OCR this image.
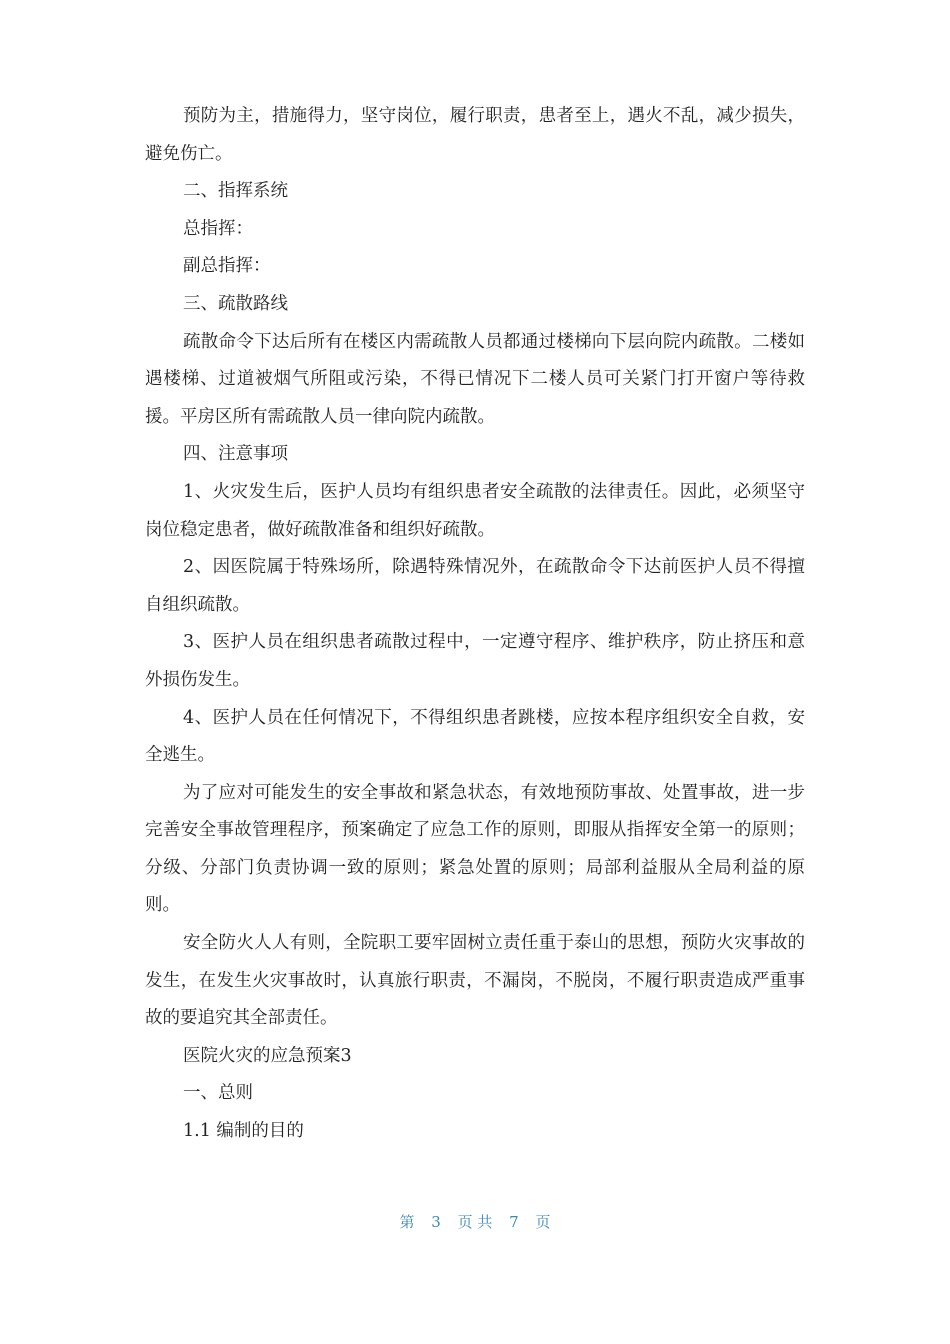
预防为主，措施得力，坚守岗位，履行职责，患者至上，遇火不乱，减少损失，避免伤亡。

二、指挥系统

总指挥：

副总指挥：

三、疏散路线

疏散命令下达后所有在楼区内需疏散人员都通过楼梯向下层向院内疏散。二楼如遇楼梯、过道被烟气所阻或污染，不得已情况下二楼人员可关紧门打开窗户等待救援。平房区所有需疏散人员一律向院内疏散。

四、注意事项

1、火灾发生后，医护人员均有组织患者安全疏散的法律责任。因此，必须坚守岗位稳定患者，做好疏散准备和组织好疏散。

2、因医院属于特殊场所，除遇特殊情况外，在疏散命令下达前医护人员不得擅自组织疏散。

3、医护人员在组织患者疏散过程中，一定遵守程序、维护秩序，防止挤压和意外损伤发生。

4、医护人员在任何情况下，不得组织患者跳楼，应按本程序组织安全自救，安全逃生。

为了应对可能发生的安全事故和紧急状态，有效地预防事故、处置事故，进一步完善安全事故管理程序，预案确定了应急工作的原则，即服从指挥安全第一的原则；分级、分部门负责协调一致的原则；紧急处置的原则；局部利益服从全局利益的原则。

安全防火人人有则，全院职工要牢固树立责任重于泰山的思想，预防火灾事故的发生，在发生火灾事故时，认真旅行职责，不漏岗，不脱岗，不履行职责造成严重事故的要追究其全部责任。

医院火灾的应急预案3

一、总则

1.1 编制的目的

第 3 页 共 7 页
